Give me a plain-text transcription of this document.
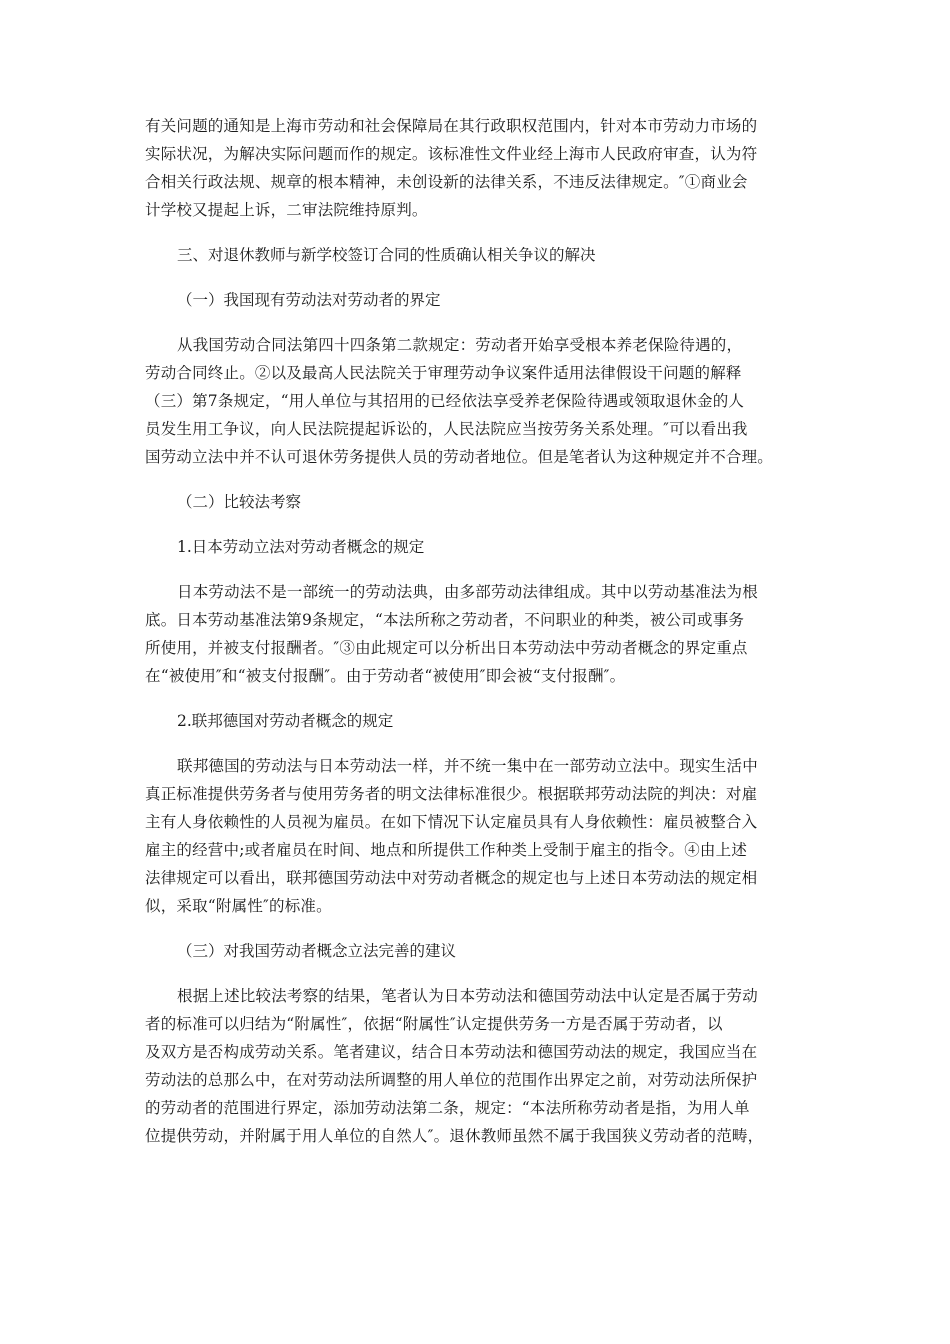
有关问题的通知是上海市劳动和社会保障局在其行政职权范围内，针对本市劳动力市场的
实际状况，为解决实际问题而作的规定。该标准性文件业经上海市人民政府审查，认为符
合相关行政法规、规章的根本精神，未创设新的法律关系，不违反法律规定。″①商业会
计学校又提起上诉，二审法院维持原判。

三、对退休教师与新学校签订合同的性质确认相关争议的解决

（一）我国现有劳动法对劳动者的界定

从我国劳动合同法第四十四条第二款规定：劳动者开始享受根本养老保险待遇的，
劳动合同终止。②以及最高人民法院关于审理劳动争议案件适用法律假设干问题的解释
（三）第7条规定，“用人单位与其招用的已经依法享受养老保险待遇或领取退休金的人
员发生用工争议，向人民法院提起诉讼的，人民法院应当按劳务关系处理。″可以看出我
国劳动立法中并不认可退休劳务提供人员的劳动者地位。但是笔者认为这种规定并不合理。

（二）比较法考察

1.日本劳动立法对劳动者概念的规定

日本劳动法不是一部统一的劳动法典，由多部劳动法律组成。其中以劳动基准法为根
底。日本劳动基准法第9条规定，“本法所称之劳动者，不问职业的种类，被公司或事务
所使用，并被支付报酬者。″③由此规定可以分析出日本劳动法中劳动者概念的界定重点
在“被使用″和“被支付报酬″。由于劳动者“被使用″即会被“支付报酬″。

2.联邦德国对劳动者概念的规定

联邦德国的劳动法与日本劳动法一样，并不统一集中在一部劳动立法中。现实生活中
真正标准提供劳务者与使用劳务者的明文法律标准很少。根据联邦劳动法院的判决：对雇
主有人身依赖性的人员视为雇员。在如下情况下认定雇员具有人身依赖性：雇员被整合入
雇主的经营中;或者雇员在时间、地点和所提供工作种类上受制于雇主的指令。④由上述
法律规定可以看出，联邦德国劳动法中对劳动者概念的规定也与上述日本劳动法的规定相
似，采取“附属性″的标准。

（三）对我国劳动者概念立法完善的建议

根据上述比较法考察的结果，笔者认为日本劳动法和德国劳动法中认定是否属于劳动
者的标准可以归结为“附属性″，依据“附属性″认定提供劳务一方是否属于劳动者，以
及双方是否构成劳动关系。笔者建议，结合日本劳动法和德国劳动法的规定，我国应当在
劳动法的总那么中，在对劳动法所调整的用人单位的范围作出界定之前，对劳动法所保护
的劳动者的范围进行界定，添加劳动法第二条，规定：“本法所称劳动者是指，为用人单
位提供劳动，并附属于用人单位的自然人″。退休教师虽然不属于我国狭义劳动者的范畴，
